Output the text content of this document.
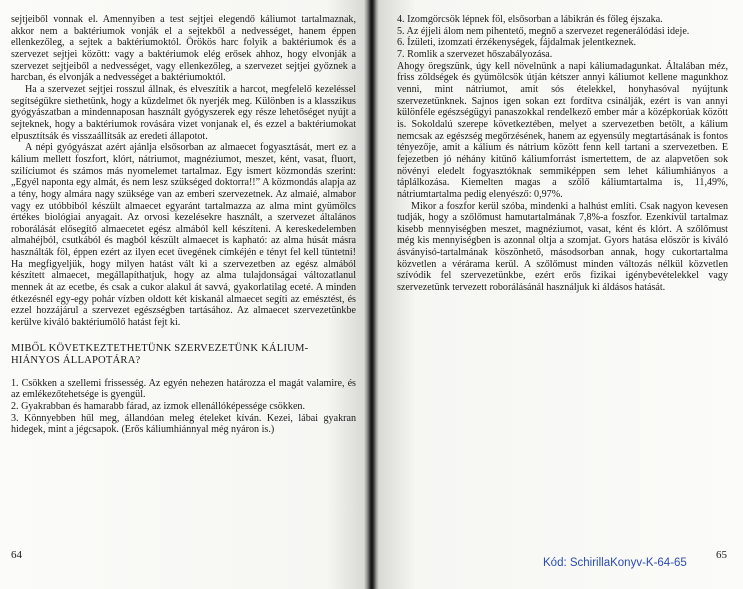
sejtjeiből vonnak el. Amennyiben a test sejtjei elegendő káliumot tartalmaznak, akkor nem a baktériumok vonják el a sejtekből a nedvességet, hanem éppen ellenkezőleg, a sejtek a baktériumoktól. Örökös harc folyik a baktériumok és a szervezet sejtjei között: vagy a baktériumok elég erősek ahhoz, hogy elvonják a szervezet sejtjeiből a nedvességet, vagy ellenkezőleg, a szervezet sejtjei győznek a harcban, és elvonják a nedvességet a baktériumoktól.

Ha a szervezet sejtjei rosszul állnak, és elveszítik a harcot, megfelelő kezeléssel segítségükre siethetünk, hogy a küzdelmet ők nyerjék meg. Különben is a klasszikus gyógyászatban a mindennaposan használt gyógyszerek egy része lehetőséget nyújt a sejteknek, hogy a baktériumok rovására vizet vonjanak el, és ezzel a baktériumokat elpusztítsák és visszaállítsák az eredeti állapotot.

A népi gyógyászat azért ajánlja elsősorban az almaecet fogyasztását, mert ez a kálium mellett foszfort, klórt, nátriumot, magnéziumot, meszet, ként, vasat, fluort, szilíciumot és számos más nyomelemet tartalmaz. Egy ismert közmondás szerint: „Egyél naponta egy almát, és nem lesz szükséged doktorra!!” A közmondás alapja az a tény, hogy almára nagy szüksége van az emberi szervezetnek. Az almaié, almabor vagy ez utóbbiból készült almaecet egyaránt tartalmazza az alma mint gyümölcs értékes biológiai anyagait. Az orvosi kezelésekre használt, a szervezet általános roborálását elősegítő almaecetet egész almából kell készíteni. A kereskedelemben almahéjból, csutkából és magból készült almaecet is kapható: az alma húsát másra használták föl, éppen ezért az ilyen ecet üvegének címkéjén e tényt fel kell tüntetni! Ha megfigyeljük, hogy milyen hatást vált ki a szervezetben az egész almából készített almaecet, megállapíthatjuk, hogy az alma tulajdonságai változatlanul mennek át az ecetbe, és csak a cukor alakul át savvá, gyakorlatilag eceté. A minden étkezésnél egy-egy pohár vízben oldott két kiskanál almaecet segíti az emésztést, és ezzel hozzájárul a szervezet egészségben tartásához. Az almaecet szervezetünkbe kerülve kiváló baktériumölő hatást fejt ki.

MIBŐL KÖVETKEZTETHETÜNK SZERVEZETÜNK KÁLIUM-HIÁNYOS ÁLLAPOTÁRA?

1. Csökken a szellemi frissesség. Az egyén nehezen határozza el magát valamire, és az emlékezőtehetsége is gyengül.

2. Gyakrabban és hamarabb fárad, az izmok ellenállóképessége csökken.

3. Könnyebben hűl meg, állandóan meleg ételeket kíván. Kezei, lábai gyakran hidegek, mint a jégcsapok. (Erős káliumhiánnyal még nyáron is.)

64

4. Izomgörcsök lépnek föl, elsősorban a lábikrán és főleg éjszaka.

5. Az éjjeli álom nem pihentető, megnő a szervezet regenerálódási ideje.

6. Ízületi, izomzati érzékenységek, fájdalmak jelentkeznek.

7. Romlik a szervezet hőszabályozása.

Ahogy öregszünk, úgy kell növelnünk a napi káliumadagunkat. Általában méz, friss zöldségek és gyümölcsök útján kétszer annyi káliumot kellene magunkhoz venni, mint nátriumot, amit sós ételekkel, honyhasóval nyújtunk szervezetünknek. Sajnos igen sokan ezt fordítva csinálják, ezért is van annyi különféle egészségügyi panaszokkal rendelkező ember már a középkorúak között is. Sokoldalú szerepe következtében, melyet a szervezetben betölt, a kálium nemcsak az egészség megőrzésének, hanem az egyensúly megtartásának is fontos tényezője, amit a kálium és nátrium között fenn kell tartani a szervezetben. E fejezetben jó néhány kitűnő káliumforrást ismertettem, de az alapvetően sok növényi eledelt fogyasztóknak semmiképpen sem lehet káliumhiányos a táplálkozása. Kiemelten magas a szőlő káliumtartalma is, 11,49%, nátriumtartalma pedig elenyésző: 0,97%.

Mikor a foszfor kerül szóba, mindenki a halhúst említi. Csak nagyon kevesen tudják, hogy a szőlőmust hamutartalmának 7,8%-a foszfor. Ezenkívül tartalmaz kisebb mennyiségben meszet, magnéziumot, vasat, ként és klórt. A szőlőmust még kis mennyiségben is azonnal oltja a szomjat. Gyors hatása először is kiváló ásványisó-tartalmának köszönhető, másodsorban annak, hogy cukortartalma közvetlen a vérárama kerül. A szőlőmust minden változás nélkül közvetlen szívódik fel szervezetünkbe, ezért erős fizikai igénybevételekkel vagy szervezetünk tervezett roborálásánál használjuk ki áldásos hatását.

65
Kód: SchirillaKonyv-K-64-65
